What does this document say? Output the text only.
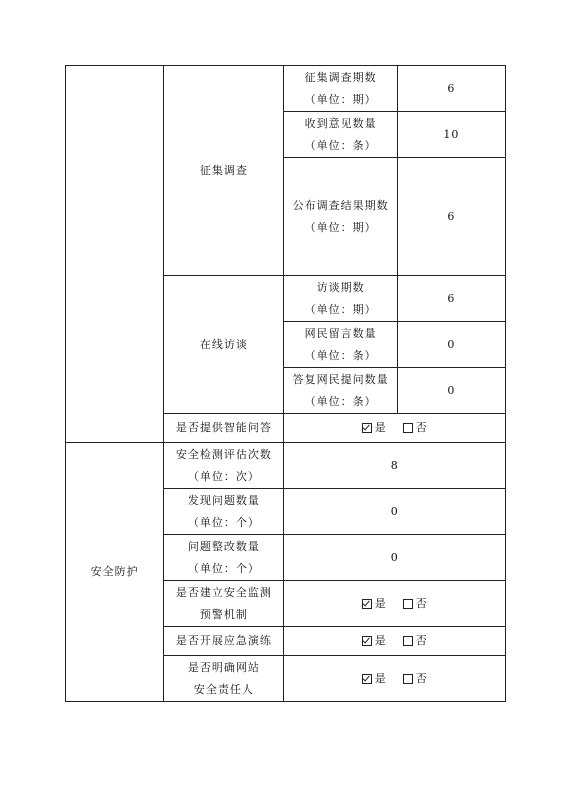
	征集调查	征集调查期数
（单位：期）	6

		收到意见数量
（单位：条）	10

		公布调查结果期数
（单位：期）	6
	在线访谈	访谈期数
（单位：期）	6

		网民留言数量
（单位：条）	0

		答复网民提问数量
（单位：条）	0
	是否提供智能问答	是 否	

安全防护	安全检测评估次数
（单位：次）	8	

	发现问题数量
（单位：个）	0	

	问题整改数量
（单位：个）	0	

	是否建立安全监测
预警机制	是 否	

	是否开展应急演练	是 否	

	是否明确网站
安全责任人	是 否	
